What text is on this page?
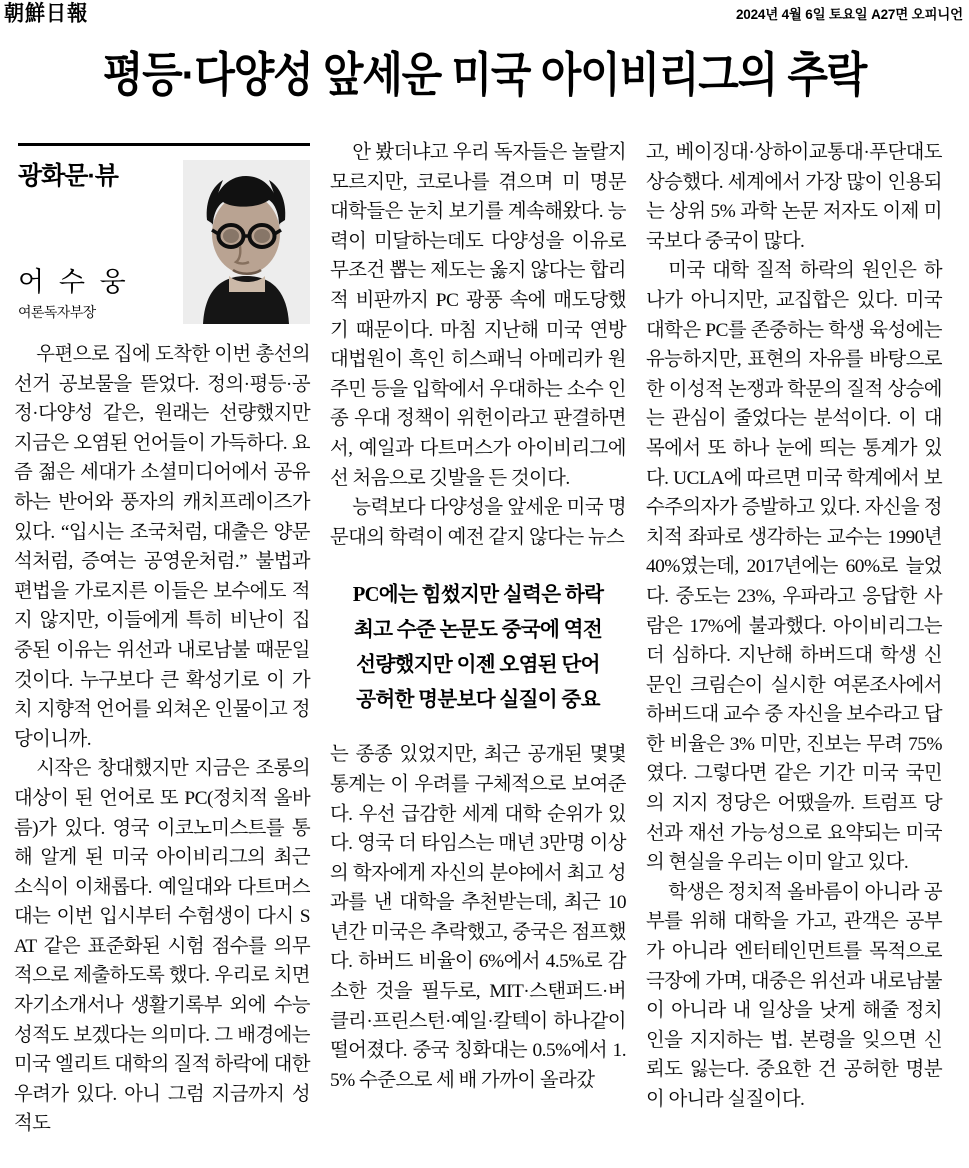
朝鮮日報	2024년 4월 6일 토요일 A27면 오피니언
평등·다양성 앞세운 미국 아이비리그의 추락
광화문·뷰
어 수 웅
여론독자부장

우편으로 집에 도착한 이번 총선의 선거 공보물을 뜯었다. 정의·평등·공정·다양성 같은, 원래는 선량했지만 지금은 오염된 언어들이 가득하다. 요즘 젊은 세대가 소셜미디어에서 공유하는 반어와 풍자의 캐치프레이즈가 있다. “입시는 조국처럼, 대출은 양문석처럼, 증여는 공영운처럼.” 불법과 편법을 가로지른 이들은 보수에도 적지 않지만, 이들에게 특히 비난이 집중된 이유는 위선과 내로남불 때문일 것이다. 누구보다 큰 확성기로 이 가치 지향적 언어를 외쳐온 인물이고 정당이니까.

시작은 창대했지만 지금은 조롱의 대상이 된 언어로 또 PC(정치적 올바름)가 있다. 영국 이코노미스트를 통해 알게 된 미국 아이비리그의 최근 소식이 이채롭다. 예일대와 다트머스대는 이번 입시부터 수험생이 다시 SAT 같은 표준화된 시험 점수를 의무적으로 제출하도록 했다. 우리로 치면 자기소개서나 생활기록부 외에 수능 성적도 보겠다는 의미다. 그 배경에는 미국 엘리트 대학의 질적 하락에 대한 우려가 있다. 아니 그럼 지금까지 성적도

안 봤더냐고 우리 독자들은 놀랄지 모르지만, 코로나를 겪으며 미 명문 대학들은 눈치 보기를 계속해왔다. 능력이 미달하는데도 다양성을 이유로 무조건 뽑는 제도는 옳지 않다는 합리적 비판까지 PC 광풍 속에 매도당했기 때문이다. 마침 지난해 미국 연방대법원이 흑인 히스패닉 아메리카 원주민 등을 입학에서 우대하는 소수 인종 우대 정책이 위헌이라고 판결하면서, 예일과 다트머스가 아이비리그에선 처음으로 깃발을 든 것이다.

능력보다 다양성을 앞세운 미국 명문대의 학력이 예전 같지 않다는 뉴스

PC에는 힘썼지만 실력은 하락
최고 수준 논문도 중국에 역전
선량했지만 이젠 오염된 단어
공허한 명분보다 실질이 중요

는 종종 있었지만, 최근 공개된 몇몇 통계는 이 우려를 구체적으로 보여준다. 우선 급감한 세계 대학 순위가 있다. 영국 더 타임스는 매년 3만명 이상의 학자에게 자신의 분야에서 최고 성과를 낸 대학을 추천받는데, 최근 10년간 미국은 추락했고, 중국은 점프했다. 하버드 비율이 6%에서 4.5%로 감소한 것을 필두로, MIT·스탠퍼드·버클리·프린스턴·예일·칼텍이 하나같이 떨어졌다. 중국 칭화대는 0.5%에서 1.5% 수준으로 세 배 가까이 올라갔

고, 베이징대·상하이교통대·푸단대도 상승했다. 세계에서 가장 많이 인용되는 상위 5% 과학 논문 저자도 이제 미국보다 중국이 많다.

미국 대학 질적 하락의 원인은 하나가 아니지만, 교집합은 있다. 미국 대학은 PC를 존중하는 학생 육성에는 유능하지만, 표현의 자유를 바탕으로 한 이성적 논쟁과 학문의 질적 상승에는 관심이 줄었다는 분석이다. 이 대목에서 또 하나 눈에 띄는 통계가 있다. UCLA에 따르면 미국 학계에서 보수주의자가 증발하고 있다. 자신을 정치적 좌파로 생각하는 교수는 1990년 40%였는데, 2017년에는 60%로 늘었다. 중도는 23%, 우파라고 응답한 사람은 17%에 불과했다. 아이비리그는 더 심하다. 지난해 하버드대 학생 신문인 크림슨이 실시한 여론조사에서 하버드대 교수 중 자신을 보수라고 답한 비율은 3% 미만, 진보는 무려 75%였다. 그렇다면 같은 기간 미국 국민의 지지 정당은 어땠을까. 트럼프 당선과 재선 가능성으로 요약되는 미국의 현실을 우리는 이미 알고 있다.

학생은 정치적 올바름이 아니라 공부를 위해 대학을 가고, 관객은 공부가 아니라 엔터테인먼트를 목적으로 극장에 가며, 대중은 위선과 내로남불이 아니라 내 일상을 낫게 해줄 정치인을 지지하는 법. 본령을 잊으면 신뢰도 잃는다. 중요한 건 공허한 명분이 아니라 실질이다.
